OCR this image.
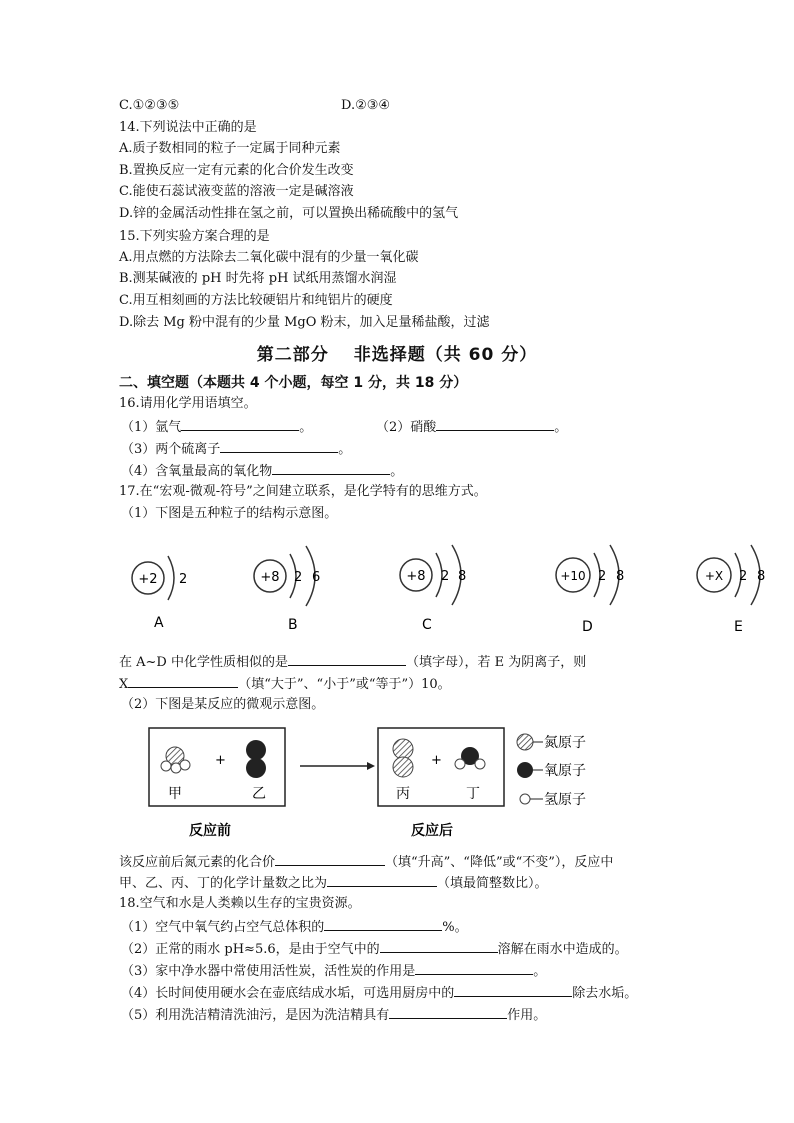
C.①②③⑤	D.②③④
14.下列说法中正确的是
A.质子数相同的粒子一定属于同种元素
B.置换反应一定有元素的化合价发生改变
C.能使石蕊试液变蓝的溶液一定是碱溶液
D.锌的金属活动性排在氢之前，可以置换出稀硫酸中的氢气
15.下列实验方案合理的是
A.用点燃的方法除去二氧化碳中混有的少量一氧化碳
B.测某碱液的 pH 时先将 pH 试纸用蒸馏水润湿
C.用互相刻画的方法比较硬铝片和纯铝片的硬度
D.除去 Mg 粉中混有的少量 MgO 粉末，加入足量稀盐酸，过滤
第二部分　 非选择题（共 60 分）
二、填空题（本题共 4 个小题，每空 1 分，共 18 分）
16.请用化学用语填空。
（1）氩气	。	（2）硝酸	。
（3）两个硫离子	。
（4）含氧量最高的氧化物	。
17.在“宏观-微观-符号”之间建立联系，是化学特有的思维方式。
（1）下图是五种粒子的结构示意图。
+2 2
A
+8 2 6
B
+8 2 8
C
+10 2 8
D
+X 2 8
E
在 A~D 中化学性质相似的是	（填字母），若 E 为阴离子，则
X	（填“大于”、“小于”或“等于”）10。
（2）下图是某反应的微观示意图。
+
甲	乙
反应前
+
丙	丁
反应后
氮原子
氧原子
氢原子
该反应前后氮元素的化合价	（填“升高”、“降低”或“不变”），反应中
甲、乙、丙、丁的化学计量数之比为	（填最简整数比）。
18.空气和水是人类赖以生存的宝贵资源。
（1）空气中氧气约占空气总体积的	%。
（2）正常的雨水 pH≈5.6，是由于空气中的	溶解在雨水中造成的。
（3）家中净水器中常使用活性炭，活性炭的作用是	。
（4）长时间使用硬水会在壶底结成水垢，可选用厨房中的	除去水垢。
（5）利用洗洁精清洗油污，是因为洗洁精具有	作用。
